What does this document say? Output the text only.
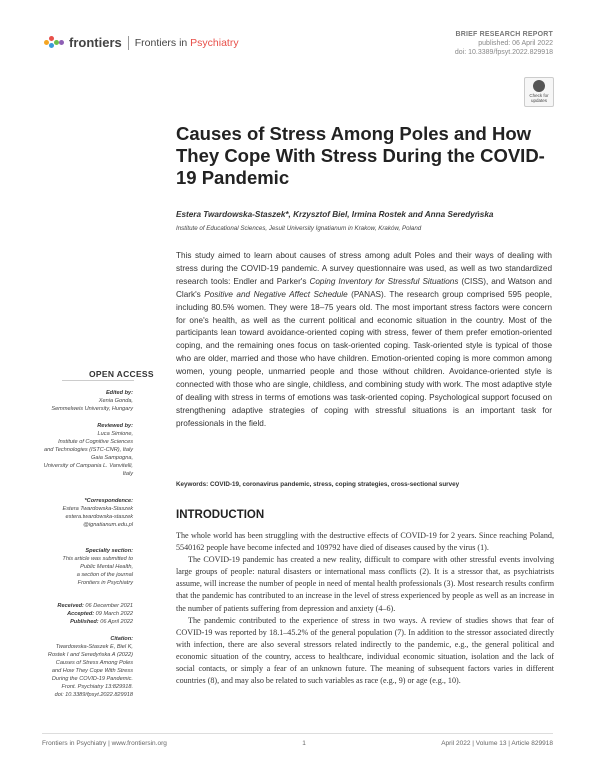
frontiers Frontiers in Psychiatry
BRIEF RESEARCH REPORT
published: 06 April 2022
doi: 10.3389/fpsyt.2022.829918
Check for updates
Causes of Stress Among Poles and How They Cope With Stress During the COVID-19 Pandemic
Estera Twardowska-Staszek*, Krzysztof Biel, Irmina Rostek and Anna Seredyńska
Institute of Educational Sciences, Jesuit University Ignatianum in Krakow, Kraków, Poland
This study aimed to learn about causes of stress among adult Poles and their ways of dealing with stress during the COVID-19 pandemic. A survey questionnaire was used, as well as two standardized research tools: Endler and Parker's Coping Inventory for Stressful Situations (CISS), and Watson and Clark's Positive and Negative Affect Schedule (PANAS). The research group comprised 595 people, including 80.5% women. They were 18–75 years old. The most important stress factors were concern for one's health, as well as the current political and economic situation in the country. Most of the participants lean toward avoidance-oriented coping with stress, fewer of them prefer emotion-oriented coping, and the remaining ones focus on task-oriented coping. Task-oriented style is typical of those who are older, married and those who have children. Emotion-oriented coping is more common among women, young people, unmarried people and those without children. Avoidance-oriented style is connected with those who are single, childless, and combining study with work. The most adaptive style of dealing with stress in terms of emotions was task-oriented coping. Psychological support focused on strengthening adaptive strategies of coping with stressful situations is an important task for professionals in the field.
Keywords: COVID-19, coronavirus pandemic, stress, coping strategies, cross-sectional survey
INTRODUCTION

The whole world has been struggling with the destructive effects of COVID-19 for 2 years. Since reaching Poland, 5540162 people have become infected and 109792 have died of diseases caused by the virus (1).

The COVID-19 pandemic has created a new reality, difficult to compare with other stressful events involving large groups of people: natural disasters or international mass conflicts (2). It is a stressor that, as psychiatrists assume, will increase the number of people in need of mental health professionals (3). Most research results confirm that the pandemic has contributed to an increase in the level of stress experienced by people as well as an increase in the number of patients suffering from depression and anxiety (4–6).

The pandemic contributed to the experience of stress in two ways. A review of studies shows that fear of COVID-19 was reported by 18.1–45.2% of the general population (7). In addition to the stressor associated directly with infection, there are also several stressors related indirectly to the pandemic, e.g., the general political and economic situation of the country, access to healthcare, individual economic situation, isolation and the lack of social contacts, or simply a fear of an unknown future. The meaning of subsequent factors varies in different countries (8), and may also be related to such variables as race (e.g., 9) or age (e.g., 10).

OPEN ACCESS
Edited by:
Xenia Gonda,
Semmelweis University, Hungary
Reviewed by:
Luca Simione,
Institute of Cognitive Sciences
and Technologies (ISTC-CNR), Italy
Gaia Sampogna,
University of Campania L. Vanvitelli,
Italy
*Correspondence:
Estera Twardowska-Staszek
estera.twardowska-staszek
@ignatianum.edu.pl
Specialty section:
This article was submitted to
Public Mental Health,
a section of the journal
Frontiers in Psychiatry
Received: 06 December 2021
Accepted: 09 March 2022
Published: 06 April 2022
Citation:
Twardowska-Staszek E, Biel K,
Rostek I and Seredyńska A (2022)
Causes of Stress Among Poles
and How They Cope With Stress
During the COVID-19 Pandemic.
Front. Psychiatry 13:829918.
doi: 10.3389/fpsyt.2022.829918
Frontiers in Psychiatry | www.frontiersin.org	1	April 2022 | Volume 13 | Article 829918
